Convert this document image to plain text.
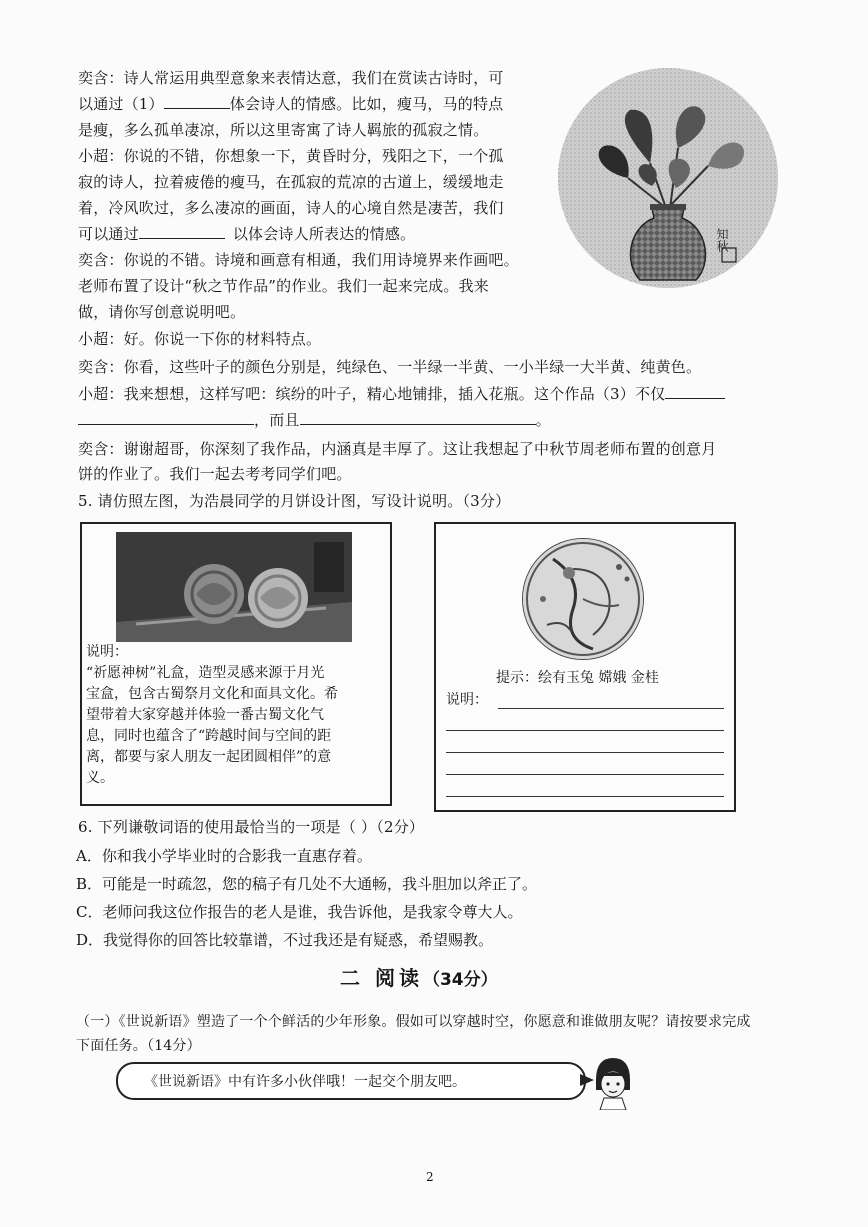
奕含：诗人常运用典型意象来表情达意，我们在赏读古诗时，可
以通过（1）	体会诗人的情感。比如，瘦马，马的特点
是瘦，多么孤单凄凉，所以这里寄寓了诗人羁旅的孤寂之情。
小超：你说的不错，你想象一下，黄昏时分，残阳之下，一个孤
寂的诗人，拉着疲倦的瘦马，在孤寂的荒凉的古道上，缓缓地走
着，冷风吹过，多么凄凉的画面，诗人的心境自然是凄苦，我们
可以通过	以体会诗人所表达的情感。
奕含：你说的不错。诗境和画意有相通，我们用诗境界来作画吧。
老师布置了设计“秋之节作品”的作业。我们一起来完成。我来
做，请你写创意说明吧。
小超：好。你说一下你的材料特点。
奕含：你看，这些叶子的颜色分别是，纯绿色、一半绿一半黄、一小半绿一大半黄、纯黄色。
小超：我来想想，这样写吧：缤纷的叶子，精心地铺排，插入花瓶。这个作品（3）不仅
，而且	。
奕含：谢谢超哥，你深刻了我作品，内涵真是丰厚了。这让我想起了中秋节周老师布置的创意月
饼的作业了。我们一起去考考同学们吧。
知秋
5. 请仿照左图，为浩晨同学的月饼设计图，写设计说明。（3分）
说明：
“祈愿神树”礼盒，造型灵感来源于月光
宝盒，包含古蜀祭月文化和面具文化。希
望带着大家穿越并体验一番古蜀文化气
息，同时也蕴含了“跨越时间与空间的距
离，都要与家人朋友一起团圆相伴”的意
义。
提示：绘有玉兔 嫦娥 金桂
说明：
6. 下列谦敬词语的使用最恰当的一项是（ ）（2分）
A．你和我小学毕业时的合影我一直惠存着。
B．可能是一时疏忽，您的稿子有几处不大通畅，我斗胆加以斧正了。
C．老师问我这位作报告的老人是谁，我告诉他，是我家令尊大人。
D．我觉得你的回答比较靠谱，不过我还是有疑惑，希望赐教。
二 阅读（34分）
（一）《世说新语》塑造了一个个鲜活的少年形象。假如可以穿越时空，你愿意和谁做朋友呢？请按要求完成
下面任务。（14分）
《世说新语》中有许多小伙伴哦！一起交个朋友吧。
2
